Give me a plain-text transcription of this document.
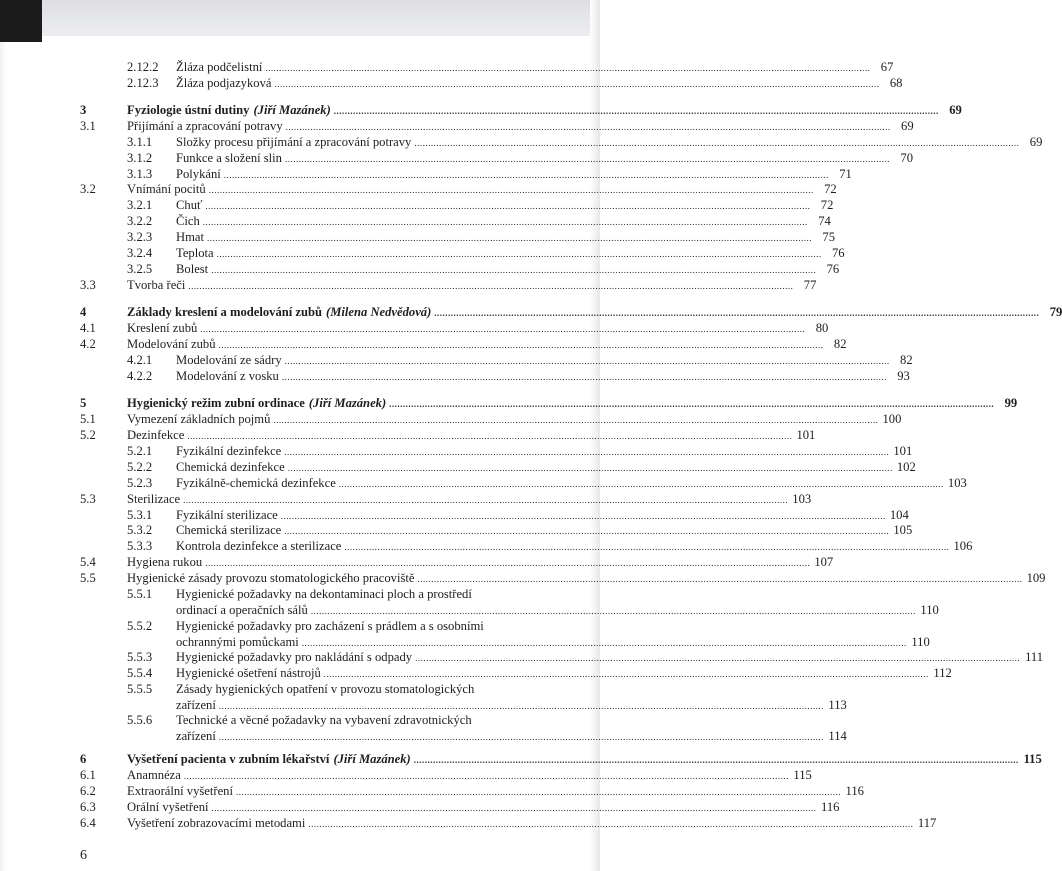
2.12.2 Žláza podčelistní ............................................................................................................................................................................................................................ 67
2.12.3 Žláza podjazyková ............................................................................................................................................................................................................................ 68
3	Fyziologie ústní dutiny (Jiří Mazánek) ............................................................................................................................................................................................................................ 69
3.1 Přijímání a zpracování potravy ............................................................................................................................................................................................................................ 69
3.1.1 Složky procesu přijímání a zpracování potravy ............................................................................................................................................................................................................................ 69
3.1.2 Funkce a složení slin ............................................................................................................................................................................................................................ 70
3.1.3 Polykání ............................................................................................................................................................................................................................ 71
3.2 Vnímání pocitů ............................................................................................................................................................................................................................ 72
3.2.1 Chuť ............................................................................................................................................................................................................................ 72
3.2.2 Čich ............................................................................................................................................................................................................................ 74
3.2.3 Hmat ............................................................................................................................................................................................................................ 75
3.2.4 Teplota ............................................................................................................................................................................................................................ 76
3.2.5 Bolest ............................................................................................................................................................................................................................ 76
3.3 Tvorba řeči ............................................................................................................................................................................................................................ 77
4	Základy kreslení a modelování zubů (Milena Nedvědová) ............................................................................................................................................................................................................................ 79
4.1 Kreslení zubů ............................................................................................................................................................................................................................ 80
4.2 Modelování zubů ............................................................................................................................................................................................................................ 82
4.2.1 Modelování ze sádry ............................................................................................................................................................................................................................ 82
4.2.2 Modelování z vosku ............................................................................................................................................................................................................................ 93
5	Hygienický režim zubní ordinace (Jiří Mazánek) ............................................................................................................................................................................................................................ 99
5.1 Vymezení základních pojmů ............................................................................................................................................................................................................................ 100
5.2 Dezinfekce ............................................................................................................................................................................................................................ 101
5.2.1 Fyzikální dezinfekce ............................................................................................................................................................................................................................ 101
5.2.2 Chemická dezinfekce ............................................................................................................................................................................................................................ 102
5.2.3 Fyzikálně-chemická dezinfekce ............................................................................................................................................................................................................................ 103
5.3 Sterilizace ............................................................................................................................................................................................................................ 103
5.3.1 Fyzikální sterilizace ............................................................................................................................................................................................................................ 104
5.3.2 Chemická sterilizace ............................................................................................................................................................................................................................ 105
5.3.3 Kontrola dezinfekce a sterilizace ............................................................................................................................................................................................................................ 106
5.4 Hygiena rukou ............................................................................................................................................................................................................................ 107
5.5 Hygienické zásady provozu stomatologického pracoviště ............................................................................................................................................................................................................................ 109
5.5.1 Hygienické požadavky na dekontaminaci ploch a prostředí
ordinací a operačních sálů ............................................................................................................................................................................................................................ 110
5.5.2 Hygienické požadavky pro zacházení s prádlem a s osobními
ochrannými pomůckami ............................................................................................................................................................................................................................ 110
5.5.3 Hygienické požadavky pro nakládání s odpady ............................................................................................................................................................................................................................ 111
5.5.4 Hygienické ošetření nástrojů ............................................................................................................................................................................................................................ 112
5.5.5 Zásady hygienických opatření v provozu stomatologických
zařízení ............................................................................................................................................................................................................................ 113
5.5.6 Technické a věcné požadavky na vybavení zdravotnických
zařízení ............................................................................................................................................................................................................................ 114
6	Vyšetření pacienta v zubním lékařství (Jiří Mazánek) ............................................................................................................................................................................................................................ 115
6.1 Anamnéza ............................................................................................................................................................................................................................ 115
6.2 Extraorální vyšetření ............................................................................................................................................................................................................................ 116
6.3 Orální vyšetření ............................................................................................................................................................................................................................ 116
6.4 Vyšetření zobrazovacími metodami ............................................................................................................................................................................................................................ 117
6
